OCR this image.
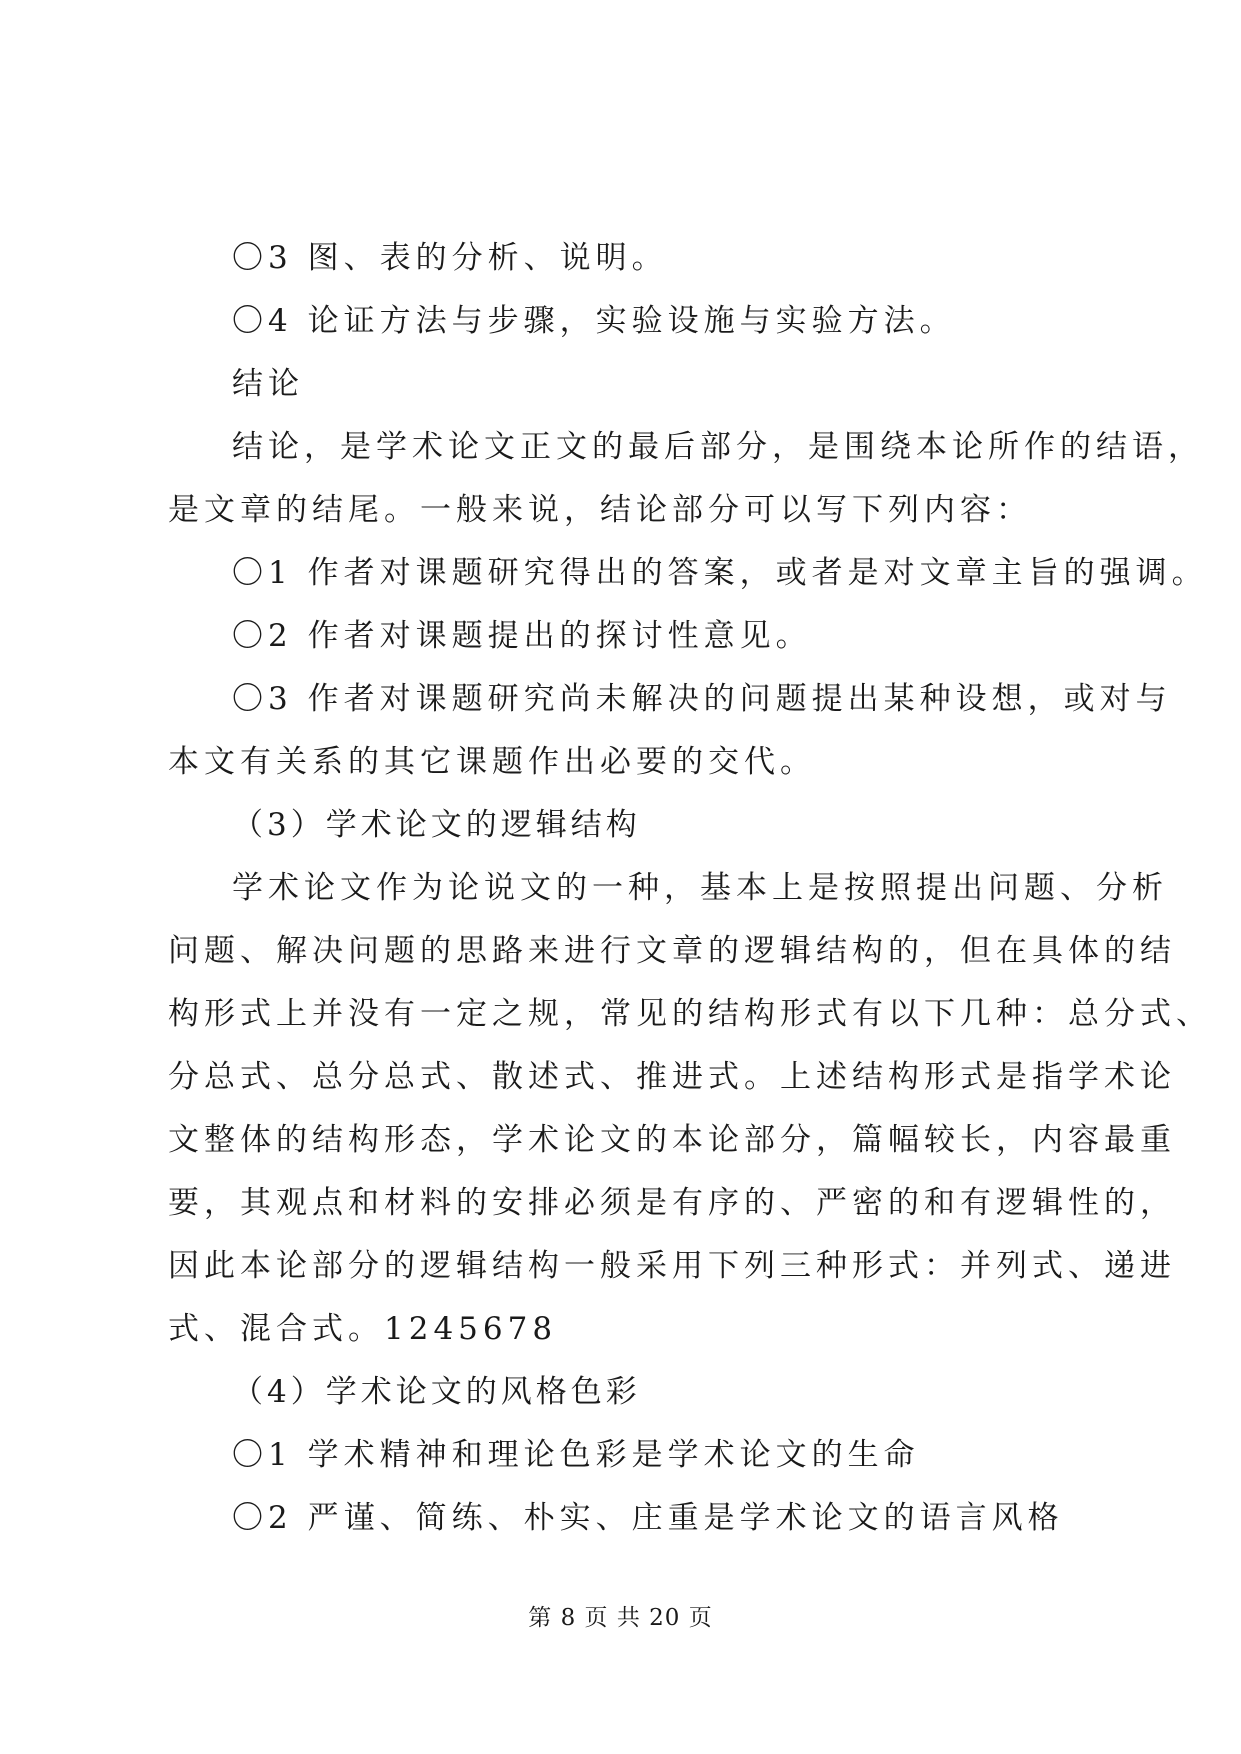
〇3 图、表的分析、说明。
〇4 论证方法与步骤，实验设施与实验方法。
结论
结论，是学术论文正文的最后部分，是围绕本论所作的结语，
是文章的结尾。一般来说，结论部分可以写下列内容：
〇1 作者对课题研究得出的答案，或者是对文章主旨的强调。
〇2 作者对课题提出的探讨性意见。
〇3 作者对课题研究尚未解决的问题提出某种设想，或对与
本文有关系的其它课题作出必要的交代。
（3）学术论文的逻辑结构
学术论文作为论说文的一种，基本上是按照提出问题、分析
问题、解决问题的思路来进行文章的逻辑结构的，但在具体的结
构形式上并没有一定之规，常见的结构形式有以下几种：总分式、
分总式、总分总式、散述式、推进式。上述结构形式是指学术论
文整体的结构形态，学术论文的本论部分，篇幅较长，内容最重
要，其观点和材料的安排必须是有序的、严密的和有逻辑性的，
因此本论部分的逻辑结构一般采用下列三种形式：并列式、递进
式、混合式。1245678
（4）学术论文的风格色彩
〇1 学术精神和理论色彩是学术论文的生命
〇2 严谨、简练、朴实、庄重是学术论文的语言风格
第 8 页 共 20 页
